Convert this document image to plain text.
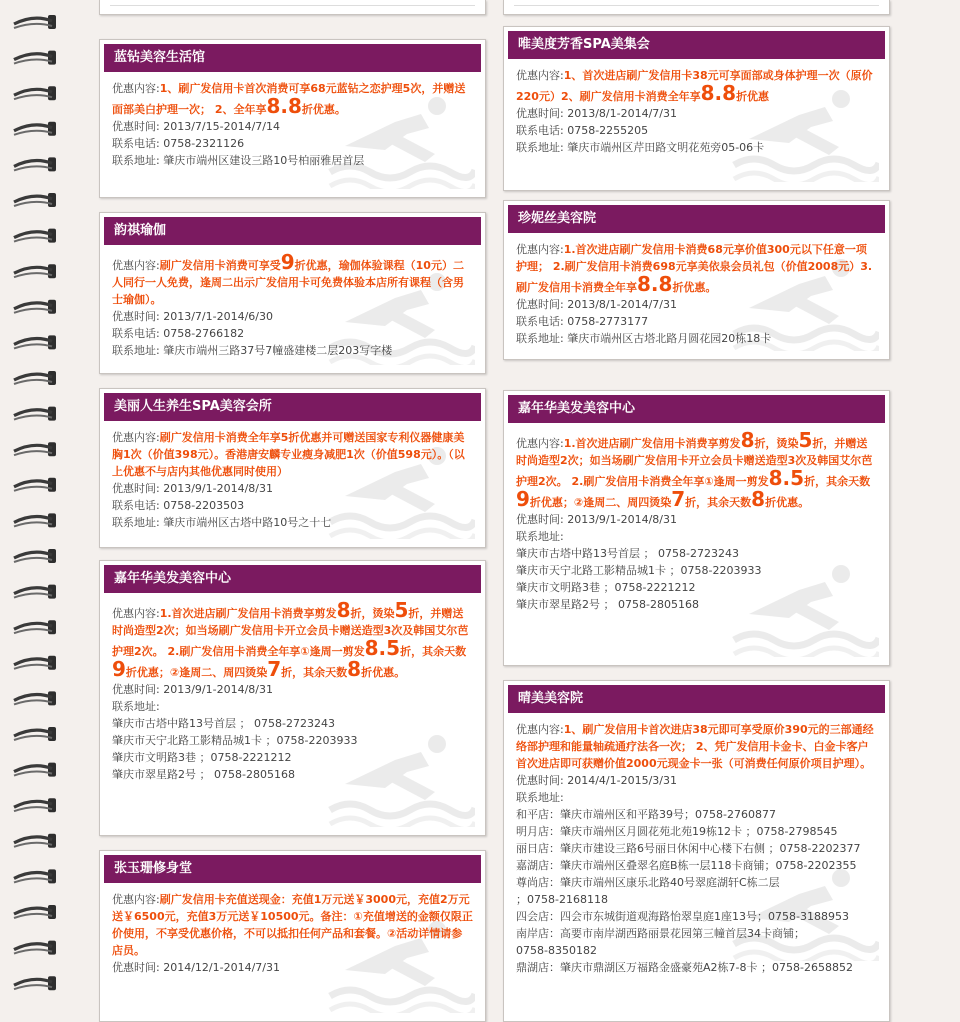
蓝钻美容生活馆

优惠内容:1、刷广发信用卡首次消费可享68元蓝钻之恋护理5次，并赠送面部美白护理一次； 2、全年享8.8折优惠。

优惠时间: 2013/7/15-2014/7/14

联系电话: 0758-2321126

联系地址: 肇庆市端州区建设三路10号柏丽雅居首层

唯美度芳香SPA美集会

优惠内容:1、首次进店刷广发信用卡38元可享面部或身体护理一次（原价220元）2、刷广发信用卡消费全年享8.8折优惠

优惠时间: 2013/8/1-2014/7/31

联系电话: 0758-2255205

联系地址: 肇庆市端州区芹田路文明花苑旁05-06卡

韵祺瑜伽

优惠内容:刷广发信用卡消费可享受9折优惠，瑜伽体验课程（10元）二人同行一人免费，逢周二出示广发信用卡可免费体验本店所有课程（含男士瑜伽）。

优惠时间: 2013/7/1-2014/6/30

联系电话: 0758-2766182

联系地址: 肇庆市端州三路37号7幢盛建楼二层203写字楼

珍妮丝美容院

优惠内容:1.首次进店刷广发信用卡消费68元享价值300元以下任意一项护理； 2.刷广发信用卡消费698元享美依泉会员礼包（价值2008元）3.刷广发信用卡消费全年享8.8折优惠。

优惠时间: 2013/8/1-2014/7/31

联系电话: 0758-2773177

联系地址: 肇庆市端州区古塔北路月圆花园20栋18卡

美丽人生养生SPA美容会所

优惠内容:刷广发信用卡消费全年享5折优惠并可赠送国家专利仪器健康美胸1次（价值398元）。香港唐安麟专业瘦身减肥1次（价值598元）。（以上优惠不与店内其他优惠同时使用）

优惠时间: 2013/9/1-2014/8/31

联系电话: 0758-2203503

联系地址: 肇庆市端州区古塔中路10号之十七

嘉年华美发美容中心

优惠内容:1.首次进店刷广发信用卡消费享剪发8折，烫染5折，并赠送时尚造型2次；如当场刷广发信用卡开立会员卡赠送造型3次及韩国艾尔芭护理2次。 2.刷广发信用卡消费全年享①逢周一剪发8.5折，其余天数9折优惠；②逢周二、周四烫染7折，其余天数8折优惠。

优惠时间: 2013/9/1-2014/8/31

联系地址:

肇庆市古塔中路13号首层 ； 0758-2723243

肇庆市天宁北路工影精品城1卡 ；0758-2203933

肇庆市文明路3巷 ；0758-2221212

肇庆市翠星路2号 ； 0758-2805168

嘉年华美发美容中心

优惠内容:1.首次进店刷广发信用卡消费享剪发8折，烫染5折，并赠送时尚造型2次；如当场刷广发信用卡开立会员卡赠送造型3次及韩国艾尔芭护理2次。 2.刷广发信用卡消费全年享①逢周一剪发8.5折，其余天数9折优惠；②逢周二、周四烫染7折，其余天数8折优惠。

优惠时间: 2013/9/1-2014/8/31

联系地址:

肇庆市古塔中路13号首层 ； 0758-2723243

肇庆市天宁北路工影精品城1卡 ；0758-2203933

肇庆市文明路3巷 ；0758-2221212

肇庆市翠星路2号 ； 0758-2805168

晴美美容院

优惠内容:1、刷广发信用卡首次进店38元即可享受原价390元的三部通经络部护理和能量轴疏通疗法各一次； 2、凭广发信用卡金卡、白金卡客户首次进店即可获赠价值2000元现金卡一张（可消费任何原价项目护理）。

优惠时间: 2014/4/1-2015/3/31

联系地址:

和平店：肇庆市端州区和平路39号；0758-2760877

明月店：肇庆市端州区月圆花苑北苑19栋12卡 ；0758-2798545

丽日店：肇庆市建设三路6号丽日休闲中心楼下右侧 ；0758-2202377

嘉湖店：肇庆市端州区叠翠名庭B栋一层118卡商铺；0758-2202355

尊尚店：肇庆市端州区康乐北路40号翠庭湖轩C栋二层

；0758-2168118

四会店：四会市东城街道观海路怡翠皇庭1座13号；0758-3188953

南岸店：高要市南岸湖西路丽景花园第三幢首层34卡商铺；

0758-8350182

鼎湖店：肇庆市鼎湖区万福路金盛豪苑A2栋7-8卡 ；0758-2658852

张玉珊修身堂

优惠内容:刷广发信用卡充值送现金：充值1万元送￥3000元，充值2万元送￥6500元，充值3万元送￥10500元。备注：①充值增送的金额仅限正价使用，不享受优惠价格，不可以抵扣任何产品和套餐。②活动详情请参店员。

优惠时间: 2014/12/1-2014/7/31
